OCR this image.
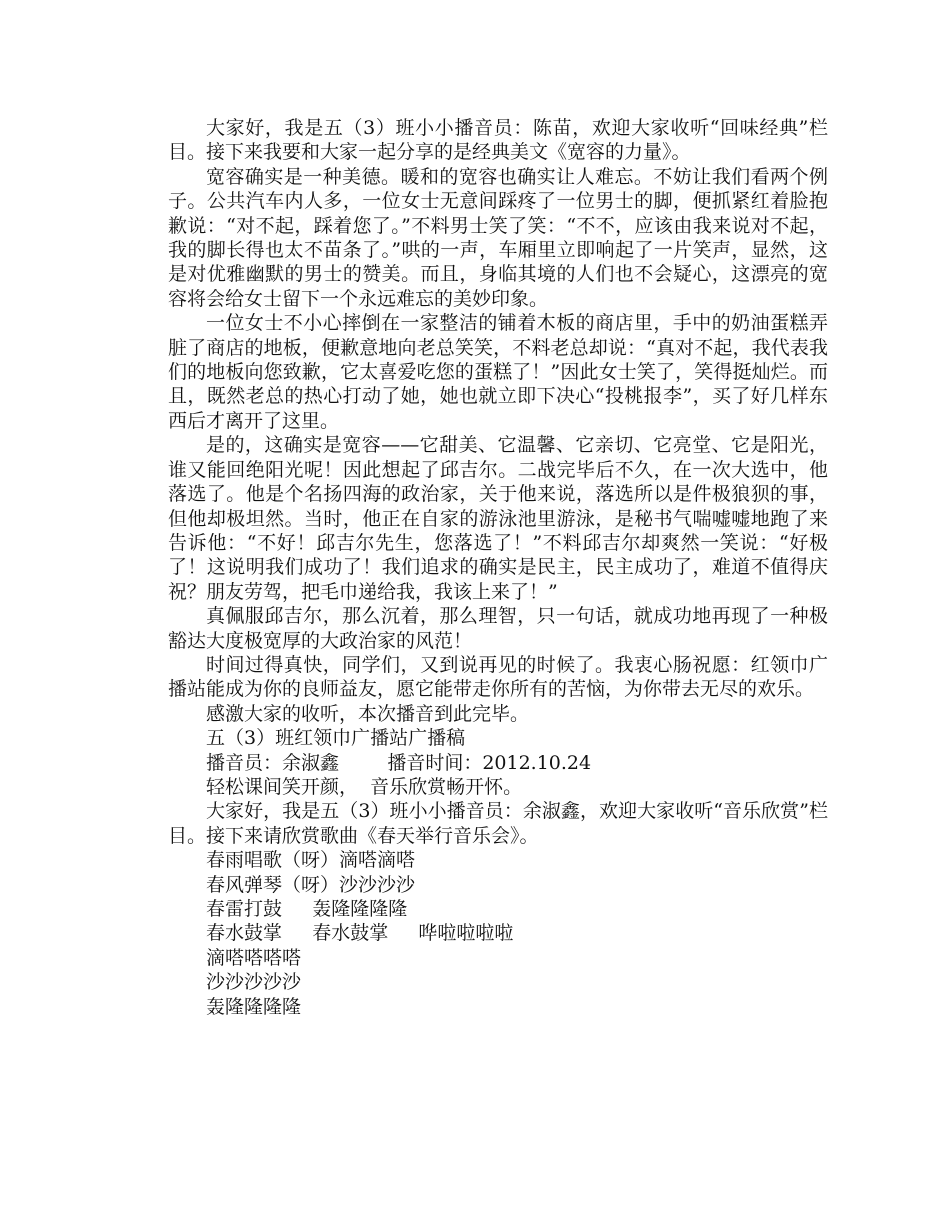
大家好，我是五（3）班小小播音员：陈苗，欢迎大家收听“回味经典”栏目。接下来我要和大家一起分享的是经典美文《宽容的力量》。

宽容确实是一种美德。暖和的宽容也确实让人难忘。不妨让我们看两个例子。公共汽车内人多，一位女士无意间踩疼了一位男士的脚，便抓紧红着脸抱歉说：“对不起，踩着您了。”不料男士笑了笑：“不不，应该由我来说对不起，我的脚长得也太不苗条了。”哄的一声，车厢里立即响起了一片笑声，显然，这是对优雅幽默的男士的赞美。而且，身临其境的人们也不会疑心，这漂亮的宽容将会给女士留下一个永远难忘的美妙印象。

一位女士不小心摔倒在一家整洁的铺着木板的商店里，手中的奶油蛋糕弄脏了商店的地板，便歉意地向老总笑笑，不料老总却说：“真对不起，我代表我们的地板向您致歉，它太喜爱吃您的蛋糕了！”因此女士笑了，笑得挺灿烂。而且，既然老总的热心打动了她，她也就立即下决心“投桃报李”，买了好几样东西后才离开了这里。

是的，这确实是宽容——它甜美、它温馨、它亲切、它亮堂、它是阳光，谁又能回绝阳光呢！因此想起了邱吉尔。二战完毕后不久，在一次大选中，他落选了。他是个名扬四海的政治家，关于他来说，落选所以是件极狼狈的事，但他却极坦然。当时，他正在自家的游泳池里游泳，是秘书气喘嘘嘘地跑了来告诉他：“不好！邱吉尔先生，您落选了！”不料邱吉尔却爽然一笑说：“好极了！这说明我们成功了！我们追求的确实是民主，民主成功了，难道不值得庆祝？朋友劳驾，把毛巾递给我，我该上来了！”

真佩服邱吉尔，那么沉着，那么理智，只一句话，就成功地再现了一种极豁达大度极宽厚的大政治家的风范！

时间过得真快，同学们，又到说再见的时候了。我衷心肠祝愿：红领巾广播站能成为你的良师益友，愿它能带走你所有的苦恼，为你带去无尽的欢乐。

感激大家的收听，本次播音到此完毕。

五（3）班红领巾广播站广播稿

播音员：余淑鑫        播音时间：2012.10.24

轻松课间笑开颜，  音乐欣赏畅开怀。

大家好，我是五（3）班小小播音员：余淑鑫，欢迎大家收听“音乐欣赏”栏目。接下来请欣赏歌曲《春天举行音乐会》。

春雨唱歌（呀）滴嗒滴嗒

春风弹琴（呀）沙沙沙沙

春雷打鼓     轰隆隆隆隆

春水鼓掌     春水鼓掌     哗啦啦啦啦

滴嗒嗒嗒嗒

沙沙沙沙沙

轰隆隆隆隆
